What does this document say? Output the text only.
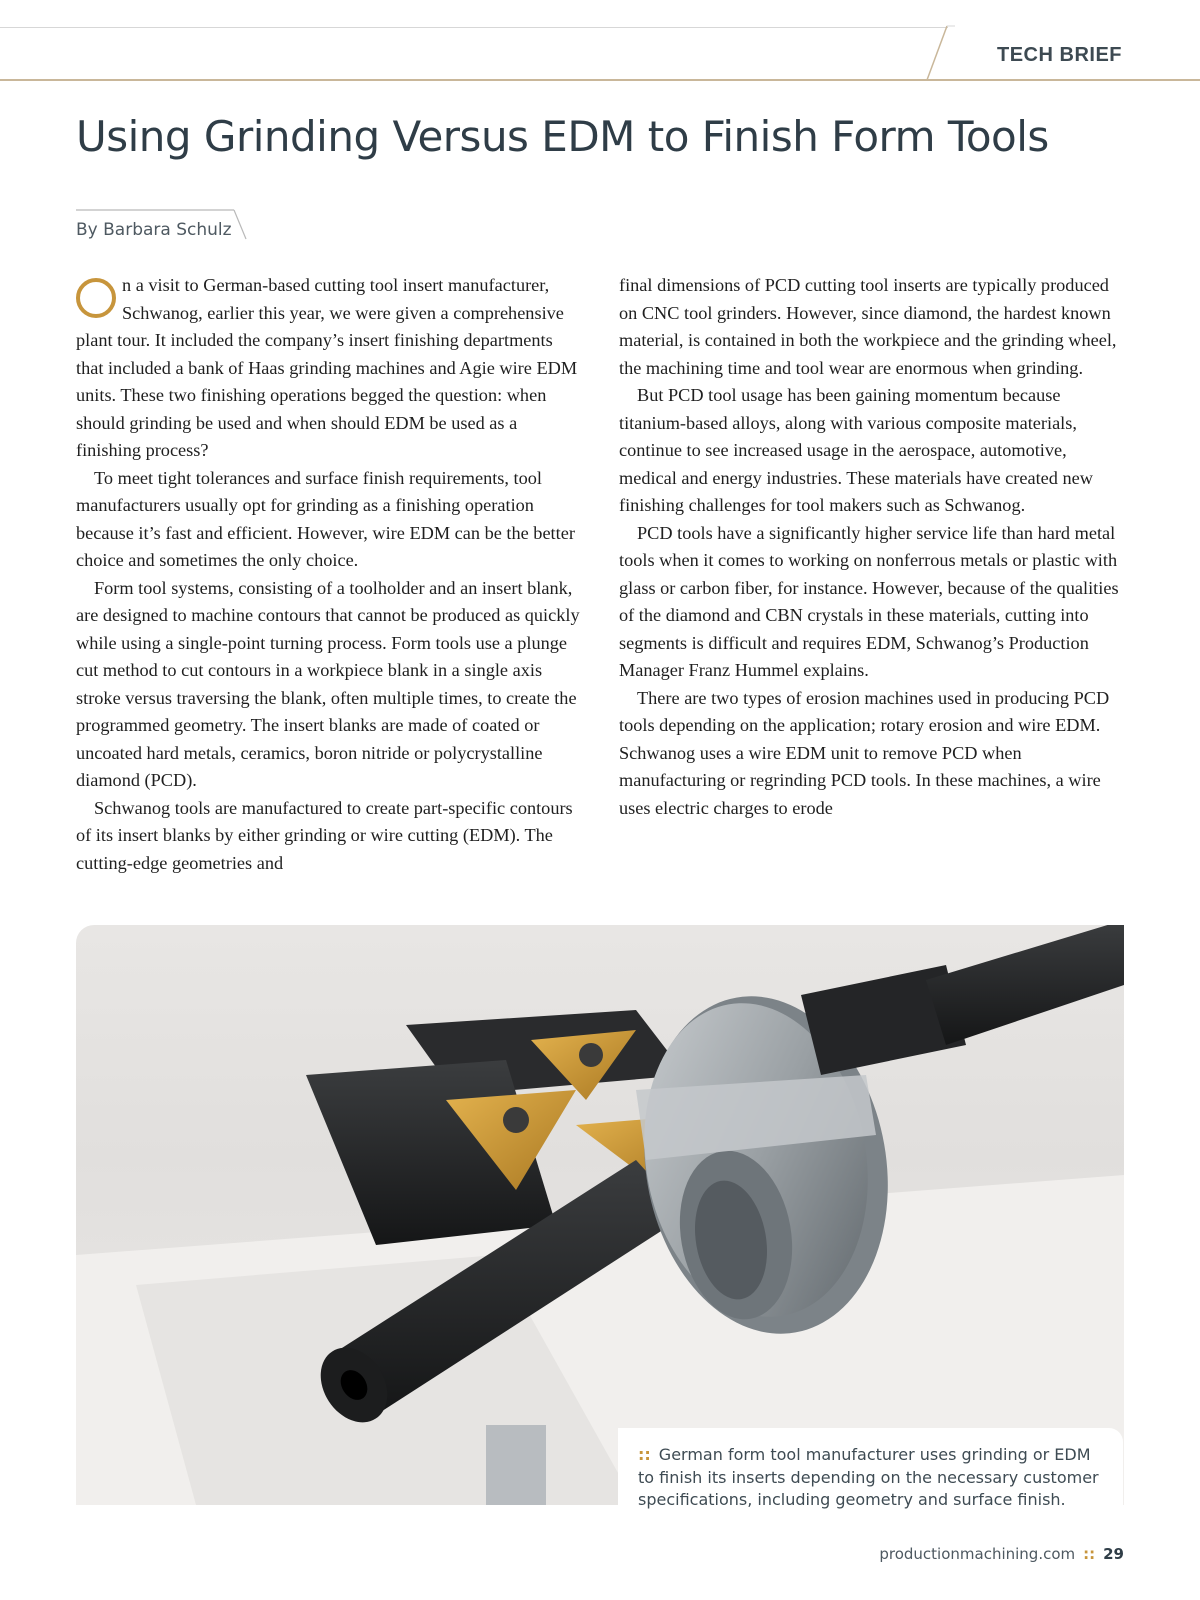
TECH BRIEF
Using Grinding Versus EDM to Finish Form Tools
By Barbara Schulz

n a visit to German-based cutting tool insert manufacturer, Schwanog, earlier this year, we were given a comprehensive plant tour. It included the company’s insert finishing departments that included a bank of Haas grinding machines and Agie wire EDM units. These two finishing operations begged the question: when should grinding be used and when should EDM be used as a finishing process?

To meet tight tolerances and surface finish requirements, tool manufacturers usually opt for grinding as a finishing operation because it’s fast and efficient. However, wire EDM can be the better choice and sometimes the only choice.

Form tool systems, consisting of a toolholder and an insert blank, are designed to machine contours that cannot be produced as quickly while using a single-point turning process. Form tools use a plunge cut method to cut contours in a workpiece blank in a single axis stroke versus traversing the blank, often multiple times, to create the programmed geometry. The insert blanks are made of coated or uncoated hard metals, ceramics, boron nitride or polycrystalline diamond (PCD).

Schwanog tools are manufactured to create part-specific contours of its insert blanks by either grinding or wire cutting (EDM). The cutting-edge geometries and

final dimensions of PCD cutting tool inserts are typically produced on CNC tool grinders. However, since diamond, the hardest known material, is contained in both the workpiece and the grinding wheel, the machining time and tool wear are enormous when grinding.

But PCD tool usage has been gaining momentum because titanium-based alloys, along with various composite materials, continue to see increased usage in the aerospace, automotive, medical and energy industries. These materials have created new finishing challenges for tool makers such as Schwanog.

PCD tools have a significantly higher service life than hard metal tools when it comes to working on nonferrous metals or plastic with glass or carbon fiber, for instance. However, because of the qualities of the diamond and CBN crystals in these materials, cutting into segments is difficult and requires EDM, Schwanog’s Production Manager Franz Hummel explains.

There are two types of erosion machines used in producing PCD tools depending on the application; rotary erosion and wire EDM. Schwanog uses a wire EDM unit to remove PCD when manufacturing or regrinding PCD tools. In these machines, a wire uses electric charges to erode

:: German form tool manufacturer uses grinding or EDM to finish its inserts depending on the necessary customer specifications, including geometry and surface finish.
productionmachining.com :: 29
